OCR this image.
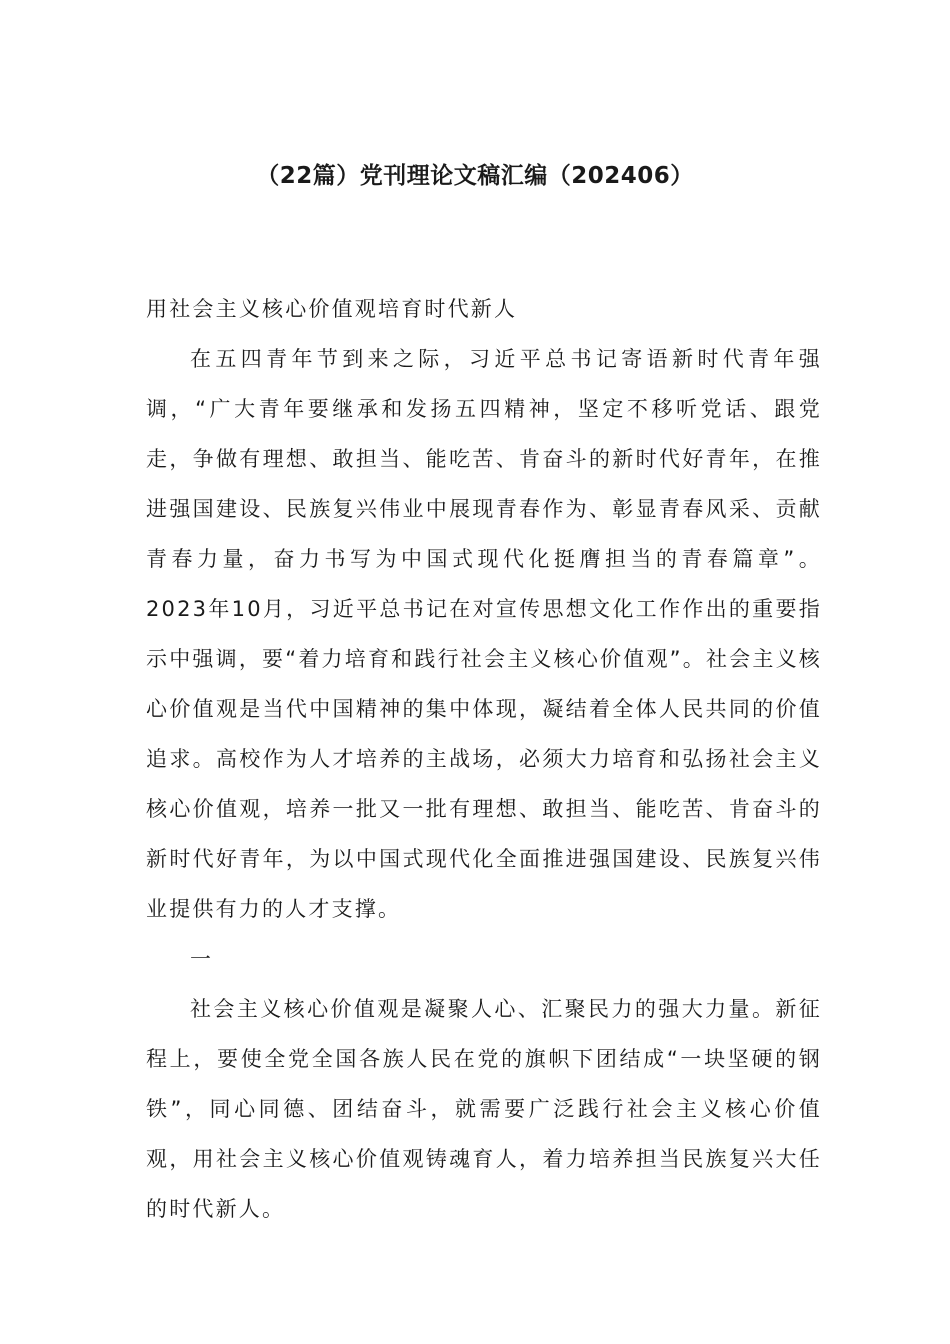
（22篇）党刊理论文稿汇编（202406）

用社会主义核心价值观培育时代新人

在五四青年节到来之际，习近平总书记寄语新时代青年强调，“广大青年要继承和发扬五四精神，坚定不移听党话、跟党走，争做有理想、敢担当、能吃苦、肯奋斗的新时代好青年，在推进强国建设、民族复兴伟业中展现青春作为、彰显青春风采、贡献青春力量，奋力书写为中国式现代化挺膺担当的青春篇章”。2023年10月，习近平总书记在对宣传思想文化工作作出的重要指示中强调，要“着力培育和践行社会主义核心价值观”。社会主义核心价值观是当代中国精神的集中体现，凝结着全体人民共同的价值追求。高校作为人才培养的主战场，必须大力培育和弘扬社会主义核心价值观，培养一批又一批有理想、敢担当、能吃苦、肯奋斗的新时代好青年，为以中国式现代化全面推进强国建设、民族复兴伟业提供有力的人才支撑。

一

社会主义核心价值观是凝聚人心、汇聚民力的强大力量。新征程上，要使全党全国各族人民在党的旗帜下团结成“一块坚硬的钢铁”，同心同德、团结奋斗，就需要广泛践行社会主义核心价值观，用社会主义核心价值观铸魂育人，着力培养担当民族复兴大任的时代新人。
